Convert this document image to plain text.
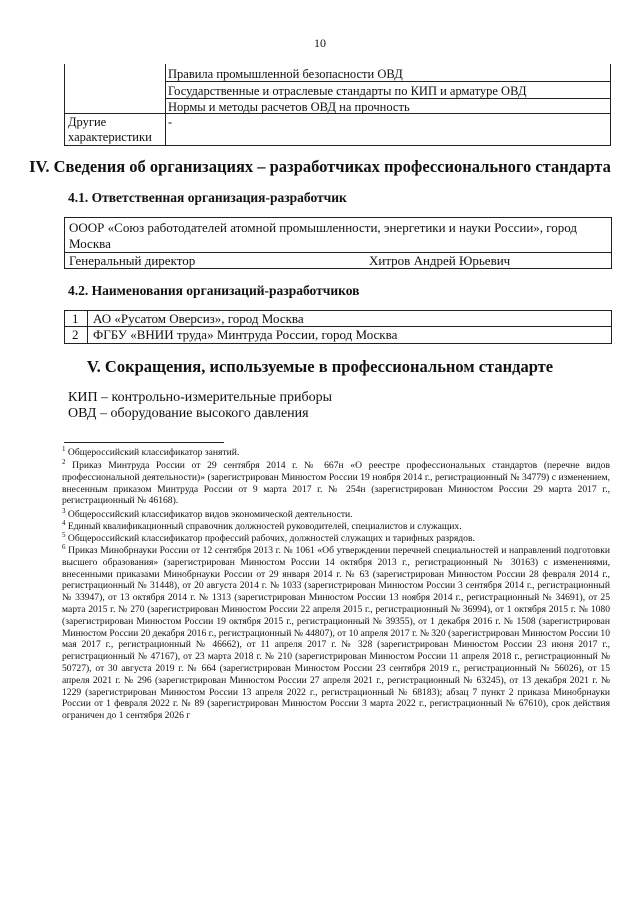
10
Правила промышленной безопасности ОВД
Государственные и отраслевые стандарты по КИП и арматуре ОВД
Нормы и методы расчетов ОВД на прочность
Другие
характеристики
-
IV. Сведения об организациях – разработчиках профессионального стандарта
4.1. Ответственная организация-разработчик
ОООР «Союз работодателей атомной промышленности, энергетики и науки России», город
Москва
Генеральный директор	Хитров Андрей Юрьевич
4.2. Наименования организаций-разработчиков
1 АО «Русатом Оверсиз», город Москва
2 ФГБУ «ВНИИ труда» Минтруда России, город Москва
V. Сокращения, используемые в профессиональном стандарте
КИП – контрольно-измерительные приборы
ОВД – оборудование высокого давления
$^1$ Общероссийский классификатор занятий.
$^2$ Приказ Минтруда России от 29 сентября 2014 г. № 667н «О реестре профессиональных стандартов (перечне видов профессиональной деятельности)» (зарегистрирован Минюстом России 19 ноября 2014 г., регистрационный № 34779) с изменением, внесенным приказом Минтруда России от 9 марта 2017 г. № 254н (зарегистрирован Минюстом России 29 марта 2017 г., регистрационный № 46168).
$^3$ Общероссийский классификатор видов экономической деятельности.
$^4$ Единый квалификационный справочник должностей руководителей, специалистов и служащих.
$^5$ Общероссийский классификатор профессий рабочих, должностей служащих и тарифных разрядов.
$^6$ Приказ Минобрнауки России от 12 сентября 2013 г. № 1061 «Об утверждении перечней специальностей и направлений подготовки высшего образования» (зарегистрирован Минюстом России 14 октября 2013 г., регистрационный № 30163) с изменениями, внесенными приказами Минобрнауки России от 29 января 2014 г. № 63 (зарегистрирован Минюстом России 28 февраля 2014 г., регистрационный № 31448), от 20 августа 2014 г. № 1033 (зарегистрирован Минюстом России 3 сентября 2014 г., регистрационный № 33947), от 13 октября 2014 г. № 1313 (зарегистрирован Минюстом России 13 ноября 2014 г., регистрационный № 34691), от 25 марта 2015 г. № 270 (зарегистрирован Минюстом России 22 апреля 2015 г., регистрационный № 36994), от 1 октября 2015 г. № 1080 (зарегистрирован Минюстом России 19 октября 2015 г., регистрационный № 39355), от 1 декабря 2016 г. № 1508 (зарегистрирован Минюстом России 20 декабря 2016 г., регистрационный № 44807), от 10 апреля 2017 г. № 320 (зарегистрирован Минюстом России 10 мая 2017 г., регистрационный № 46662), от 11 апреля 2017 г. № 328 (зарегистрирован Минюстом России 23 июня 2017 г., регистрационный № 47167), от 23 марта 2018 г. № 210 (зарегистрирован Минюстом России 11 апреля 2018 г., регистрационный № 50727), от 30 августа 2019 г. № 664 (зарегистрирован Минюстом России 23 сентября 2019 г., регистрационный № 56026), от 15 апреля 2021 г. № 296 (зарегистрирован Минюстом России 27 апреля 2021 г., регистрационный № 63245), от 13 декабря 2021 г. № 1229 (зарегистрирован Минюстом России 13 апреля 2022 г., регистрационный № 68183); абзац 7 пункт 2 приказа Минобрнауки России от 1 февраля 2022 г. № 89 (зарегистрирован Минюстом России 3 марта 2022 г., регистрационный № 67610), срок действия ограничен до 1 сентября 2026 г
